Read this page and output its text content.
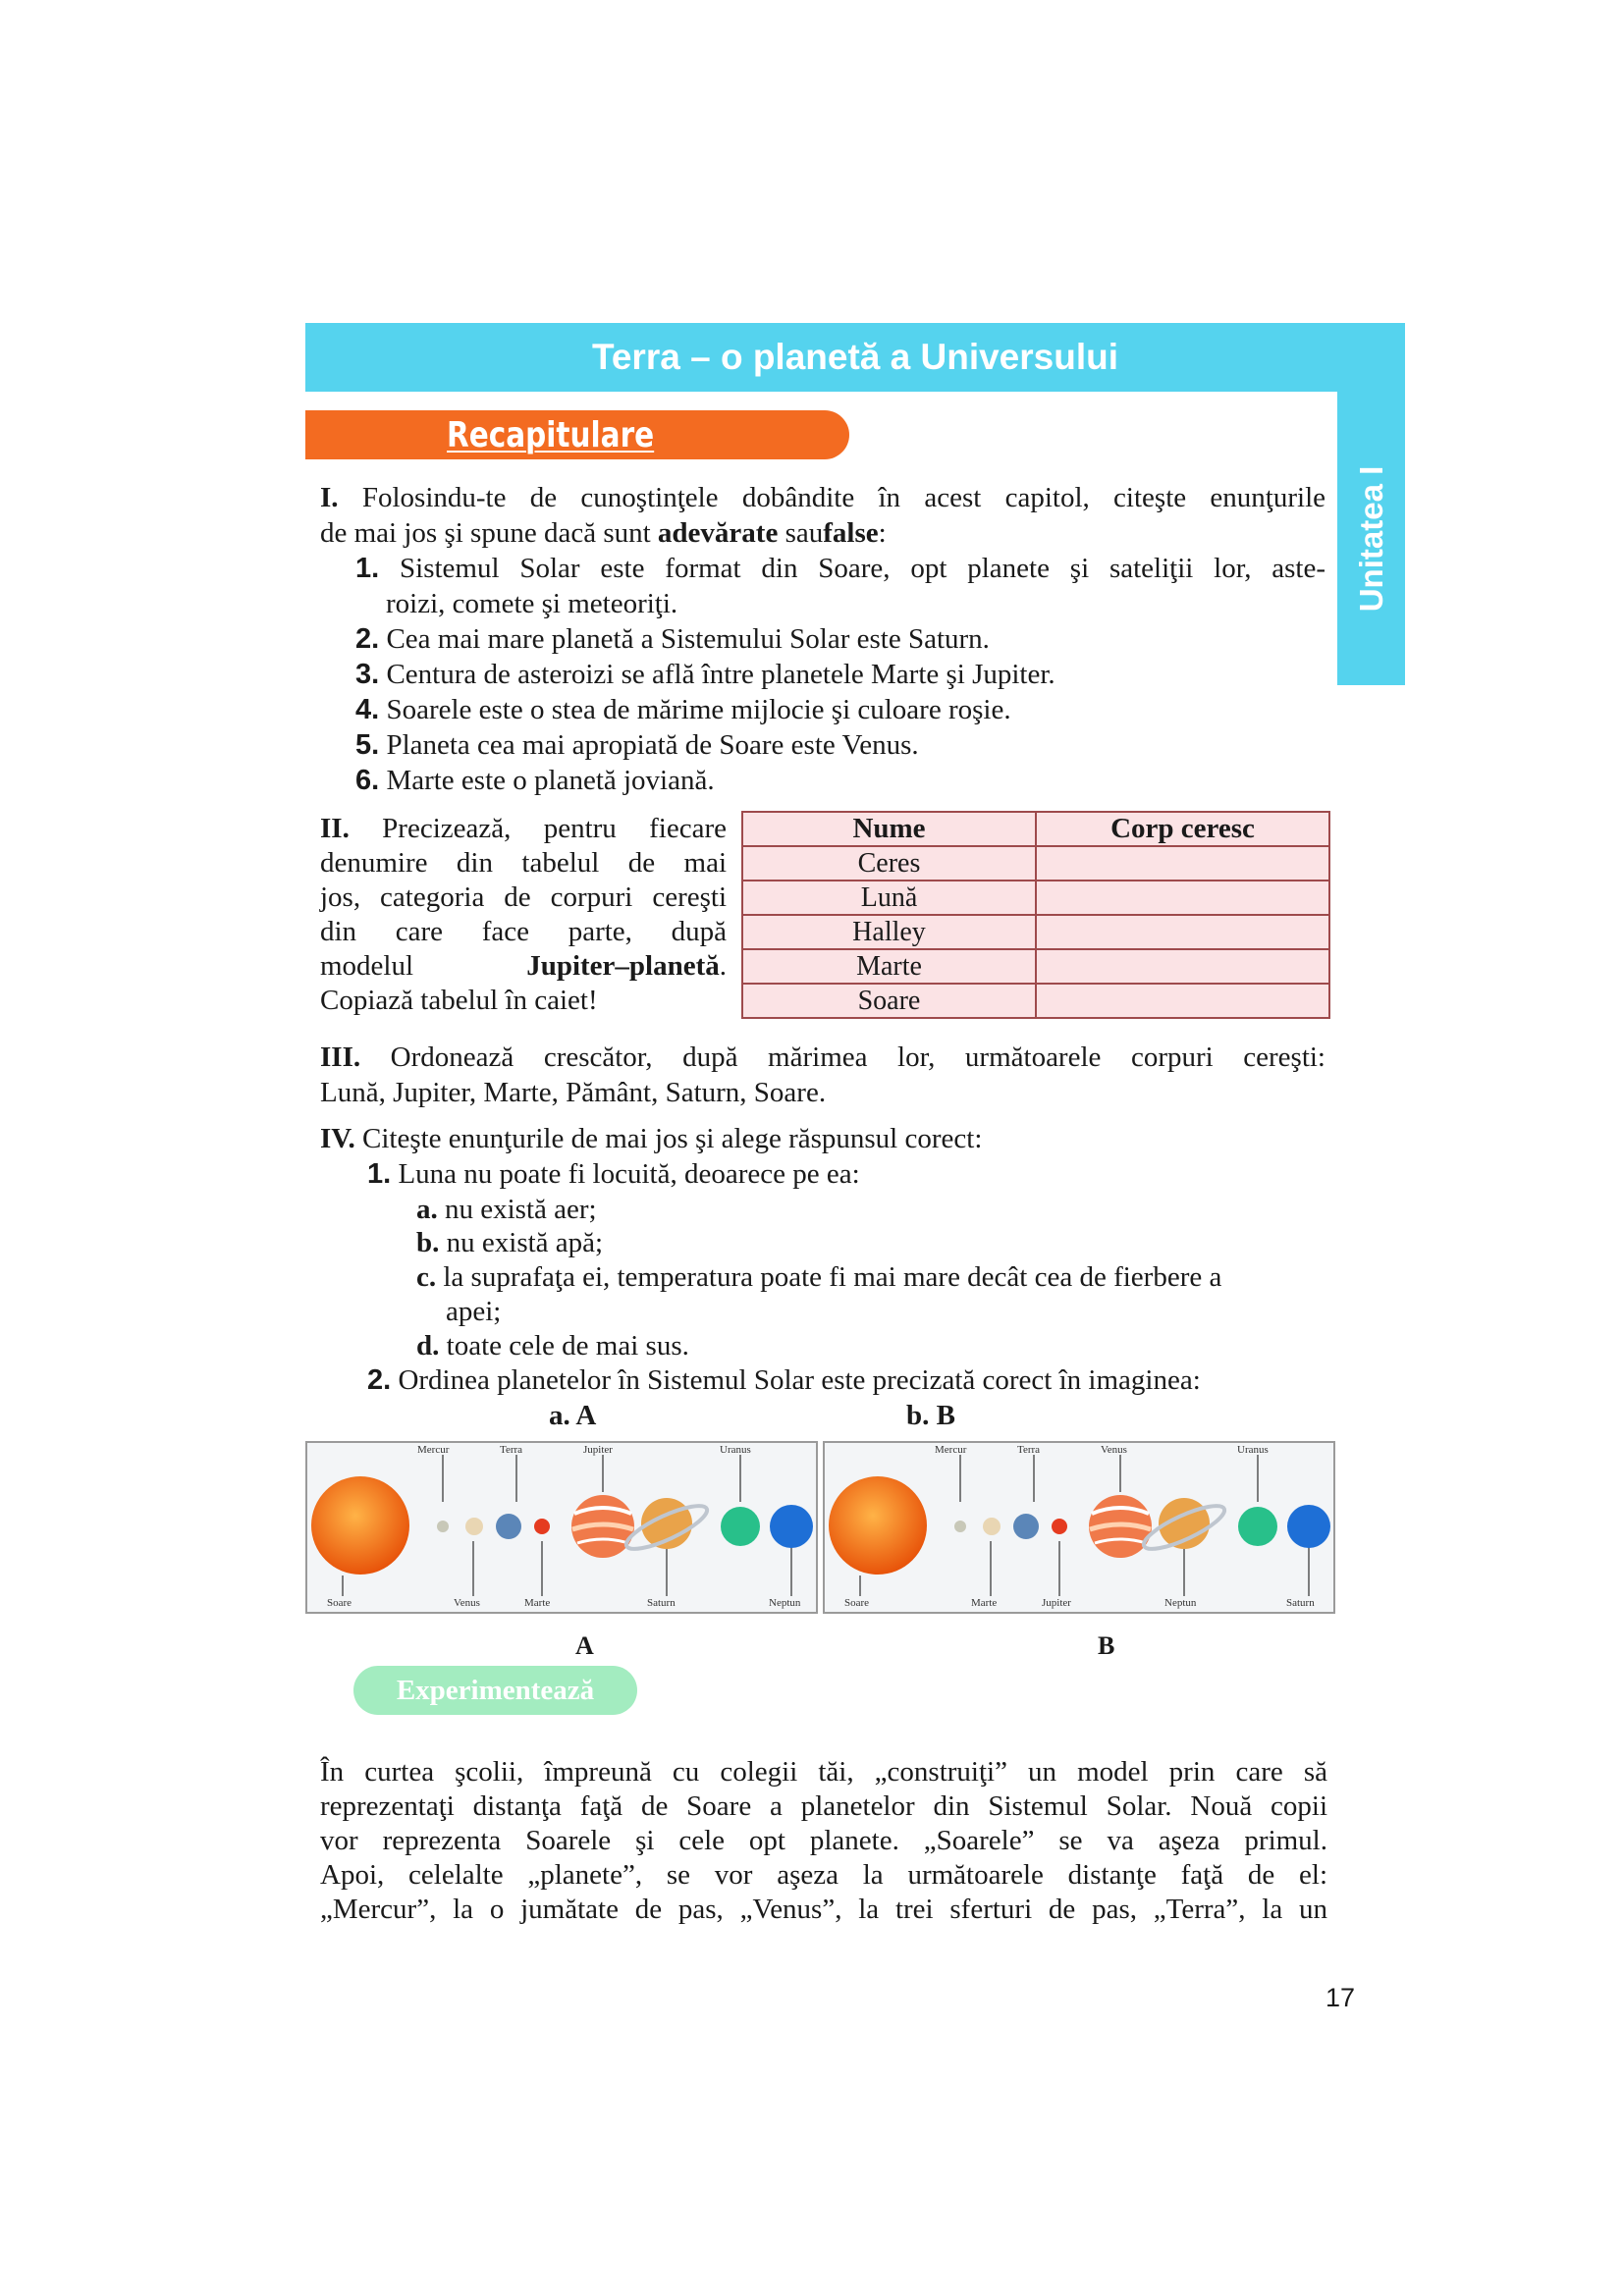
Terra – o planetă a Universului
Unitatea I
Recapitulare
I. Folosindu-te de cunoştinţele dobândite în acest capitol, citeşte enunţurile
de mai jos şi spune dacă sunt adevărate saufalse:
1. Sistemul Solar este format din Soare, opt planete şi sateliţii lor, aste-
roizi, comete şi meteoriţi.
2. Cea mai mare planetă a Sistemului Solar este Saturn.
3. Centura de asteroizi se află între planetele Marte şi Jupiter.
4. Soarele este o stea de mărime mijlocie şi culoare roşie.
5. Planeta cea mai apropiată de Soare este Venus.
6. Marte este o planetă joviană.
II. Precizează, pentru fiecare
denumire din tabelul de mai
jos, categoria de corpuri cereşti
din care face parte, după
modelul	Jupiter–planetă.
Copiază tabelul în caiet!
Nume	Corp ceresc
Ceres	
Lună	
Halley	
Marte	
Soare	
III. Ordonează crescător, după mărimea lor, următoarele corpuri cereşti:
Lună, Jupiter, Marte, Pământ, Saturn, Soare.
IV. Citeşte enunţurile de mai jos şi alege răspunsul corect:
1. Luna nu poate fi locuită, deoarece pe ea:
a. nu există aer;
b. nu există apă;
c. la suprafaţa ei, temperatura poate fi mai mare decât cea de fierbere a
apei;
d. toate cele de mai sus.
2. Ordinea planetelor în Sistemul Solar este precizată corect în imaginea:
a. A	b. B
Mercur	Terra	Jupiter	Uranus
Soare	Venus	Marte	Saturn	Neptun
Mercur	Terra	Venus	Uranus
Soare	Marte	Jupiter	Neptun	Saturn
A	B
Experimentează
În curtea şcolii, împreună cu colegii tăi, „construiţi” un model prin care să
reprezentaţi distanţa faţă de Soare a planetelor din Sistemul Solar. Nouă copii
vor reprezenta Soarele şi cele opt planete. „Soarele” se va aşeza primul.
Apoi, celelalte „planete”, se vor aşeza la următoarele distanţe faţă de el:
„Mercur”, la o jumătate de pas, „Venus”, la trei sferturi de pas, „Terra”, la un
17
